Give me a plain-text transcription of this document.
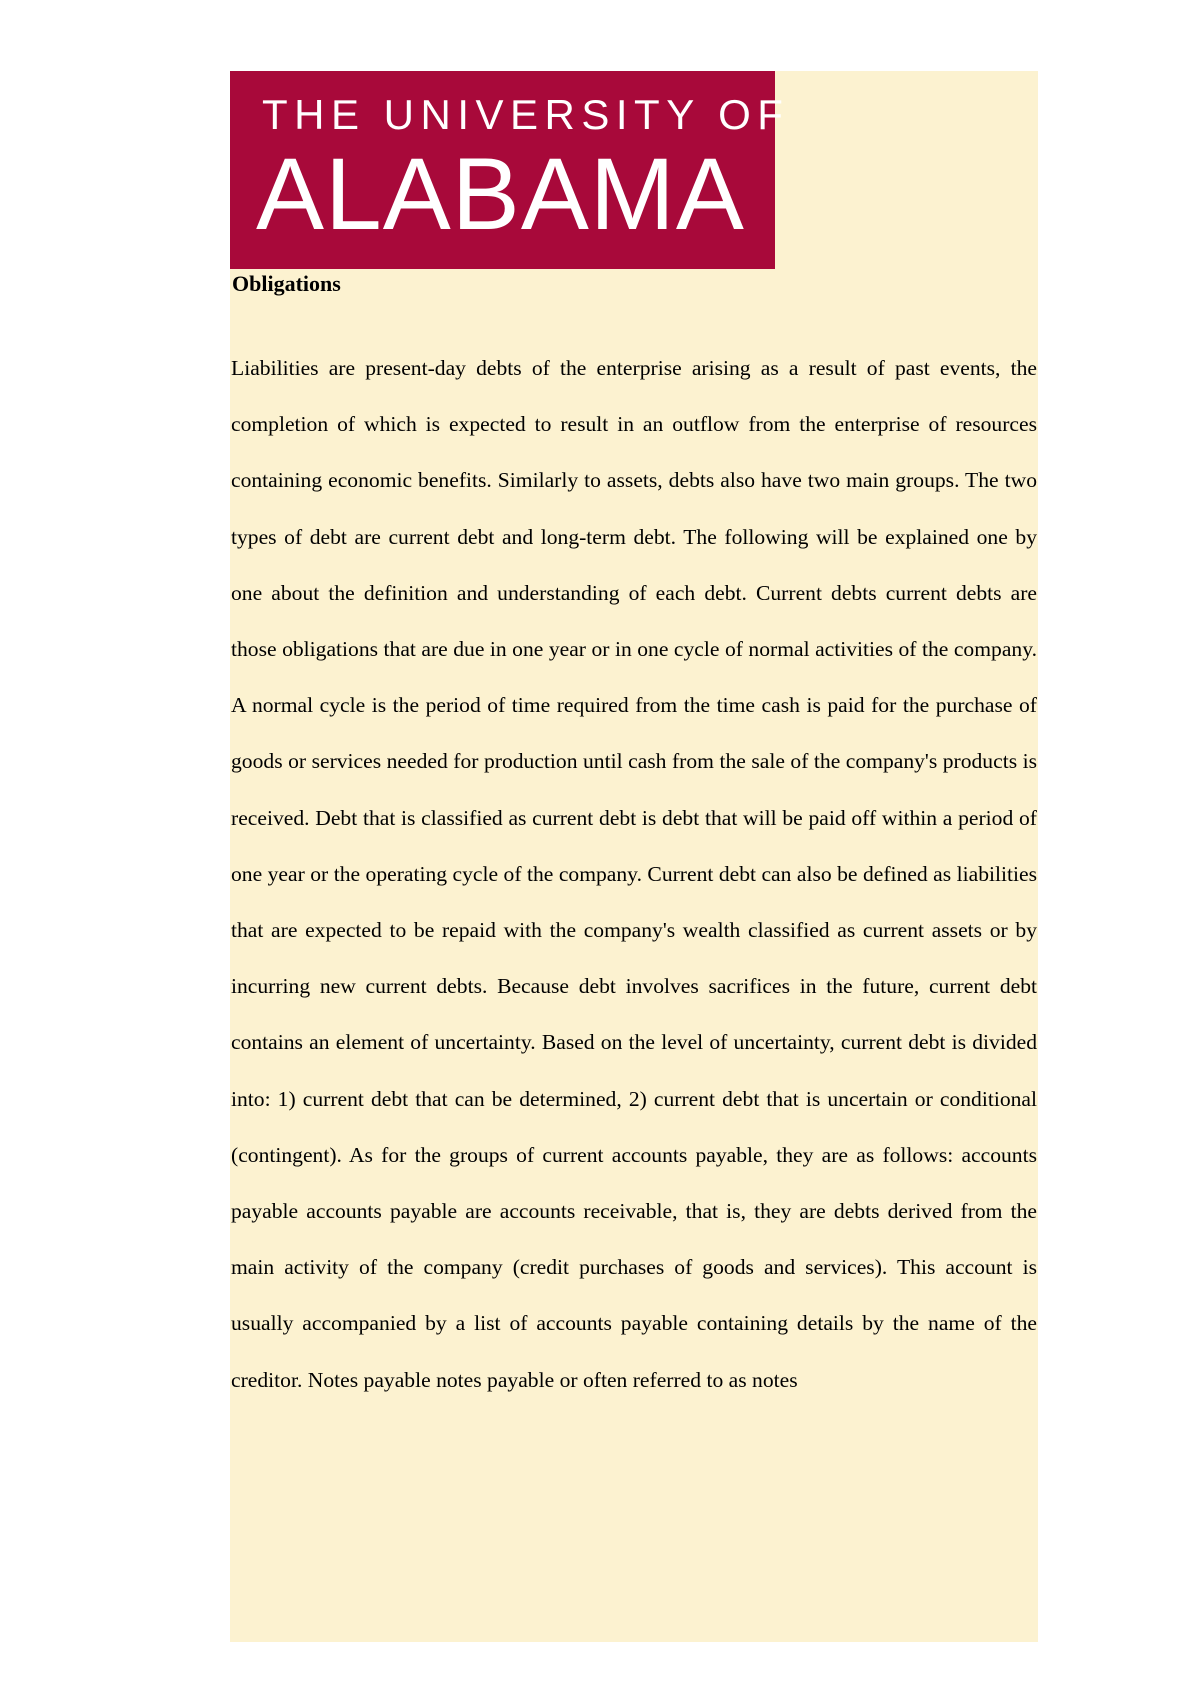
THE UNIVERSITY OF
ALABAMA
Obligations

Liabilities are present-day debts of the enterprise arising as a result of past events, the completion of which is expected to result in an outflow from the enterprise of resources containing economic benefits. Similarly to assets, debts also have two main groups. The two types of debt are current debt and long-term debt. The following will be explained one by one about the definition and understanding of each debt. Current debts current debts are those obligations that are due in one year or in one cycle of normal activities of the company. A normal cycle is the period of time required from the time cash is paid for the purchase of goods or services needed for production until cash from the sale of the company's products is received. Debt that is classified as current debt is debt that will be paid off within a period of one year or the operating cycle of the company. Current debt can also be defined as liabilities that are expected to be repaid with the company's wealth classified as current assets or by incurring new current debts. Because debt involves sacrifices in the future, current debt contains an element of uncertainty. Based on the level of uncertainty, current debt is divided into: 1) current debt that can be determined, 2) current debt that is uncertain or conditional (contingent). As for the groups of current accounts payable, they are as follows: accounts payable accounts payable are accounts receivable, that is, they are debts derived from the main activity of the company (credit purchases of goods and services). This account is usually accompanied by a list of accounts payable containing details by the name of the creditor. Notes payable notes payable or often referred to as notes
